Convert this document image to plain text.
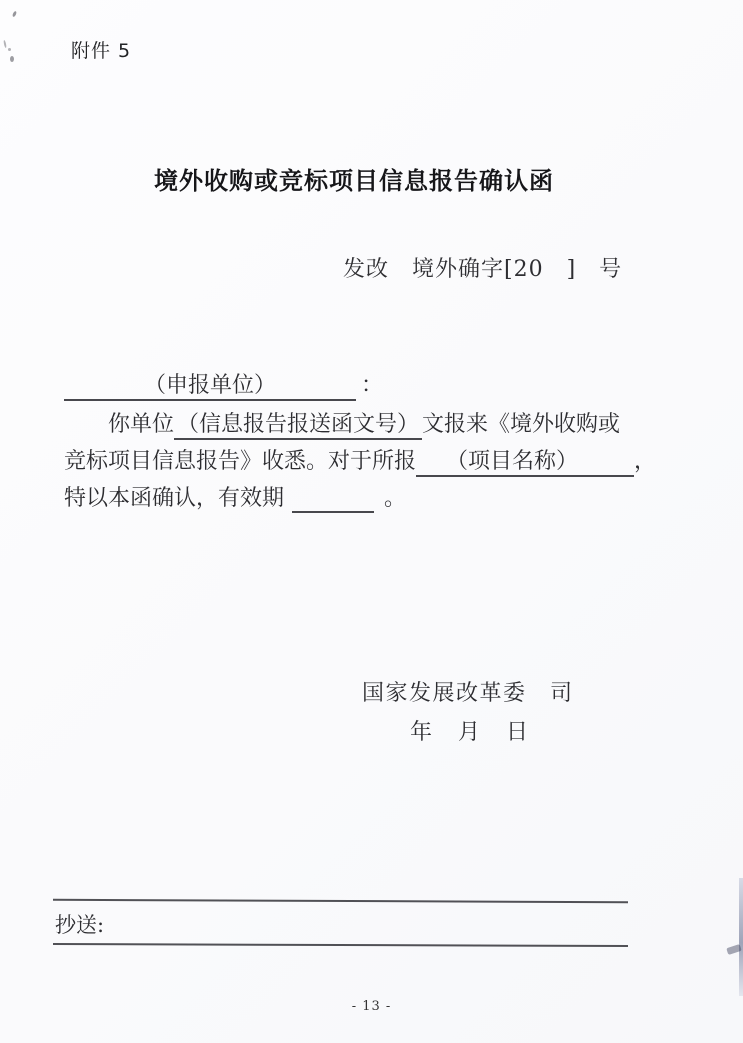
附件 5
境外收购或竞标项目信息报告确认函
发改　境外确字[20　]　号
（申报单位）	：
你单位 （信息报告报送函文号） 文报来《境外收购或
竞标项目信息报告》收悉。对于所报 （项目名称）	，
特以本函确认，有效期	。
国家发展改革委　司
年　月　日
抄送:
- 13 -
